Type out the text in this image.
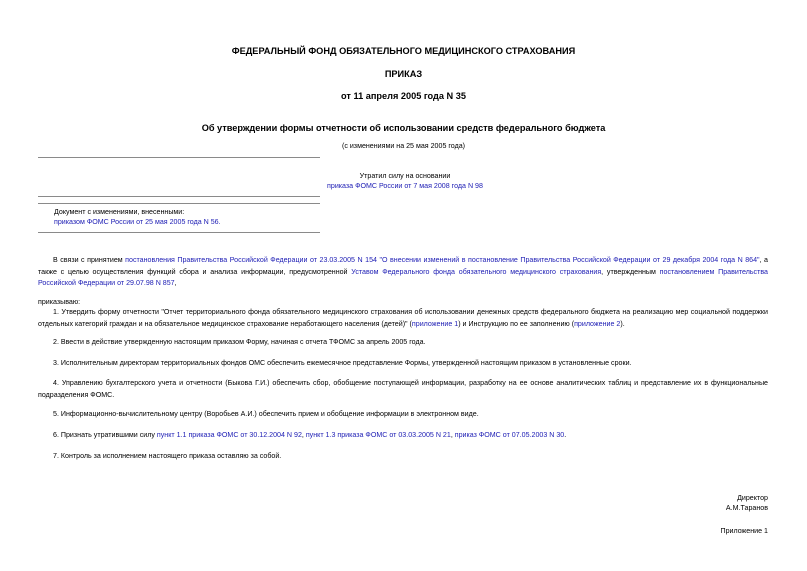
ФЕДЕРАЛЬНЫЙ ФОНД ОБЯЗАТЕЛЬНОГО МЕДИЦИНСКОГО СТРАХОВАНИЯ
ПРИКАЗ
от 11 апреля 2005 года N 35
Об утверждении формы отчетности об использовании средств федерального бюджета
(с изменениями на 25 мая 2005 года)
Утратил силу на основании
приказа ФОМС России от 7 мая 2008 года N 98
Документ с изменениями, внесенными:
приказом ФОМС России от 25 мая 2005 года N 56.

В связи с принятием постановления Правительства Российской Федерации от 23.03.2005 N 154 "О внесении изменений в постановление Правительства Российской Федерации от 29 декабря 2004 года N 864", а также с целью осуществления функций сбора и анализа информации, предусмотренной Уставом Федерального фонда обязательного медицинского страхования, утвержденным постановлением Правительства Российской Федерации от 29.07.98 N 857,

приказываю:

1. Утвердить форму отчетности "Отчет территориального фонда обязательного медицинского страхования об использовании денежных средств федерального бюджета на реализацию мер социальной поддержки отдельных категорий граждан и на обязательное медицинское страхование неработающего населения (детей)" (приложение 1) и Инструкцию по ее заполнению (приложение 2).

2. Ввести в действие утвержденную настоящим приказом Форму, начиная с отчета ТФОМС за апрель 2005 года.

3. Исполнительным директорам территориальных фондов ОМС обеспечить ежемесячное представление Формы, утвержденной настоящим приказом в установленные сроки.

4. Управлению бухгалтерского учета и отчетности (Быкова Г.И.) обеспечить сбор, обобщение поступающей информации, разработку на ее основе аналитических таблиц и представление их в функциональные подразделения ФОМС.

5. Информационно-вычислительному центру (Воробьев А.И.) обеспечить прием и обобщение информации в электронном виде.

6. Признать утратившими силу пункт 1.1 приказа ФОМС от 30.12.2004 N 92, пункт 1.3 приказа ФОМС от 03.03.2005 N 21, приказ ФОМС от 07.05.2003 N 30.

7. Контроль за исполнением настоящего приказа оставляю за собой.

Директор
А.М.Таранов
Приложение 1
